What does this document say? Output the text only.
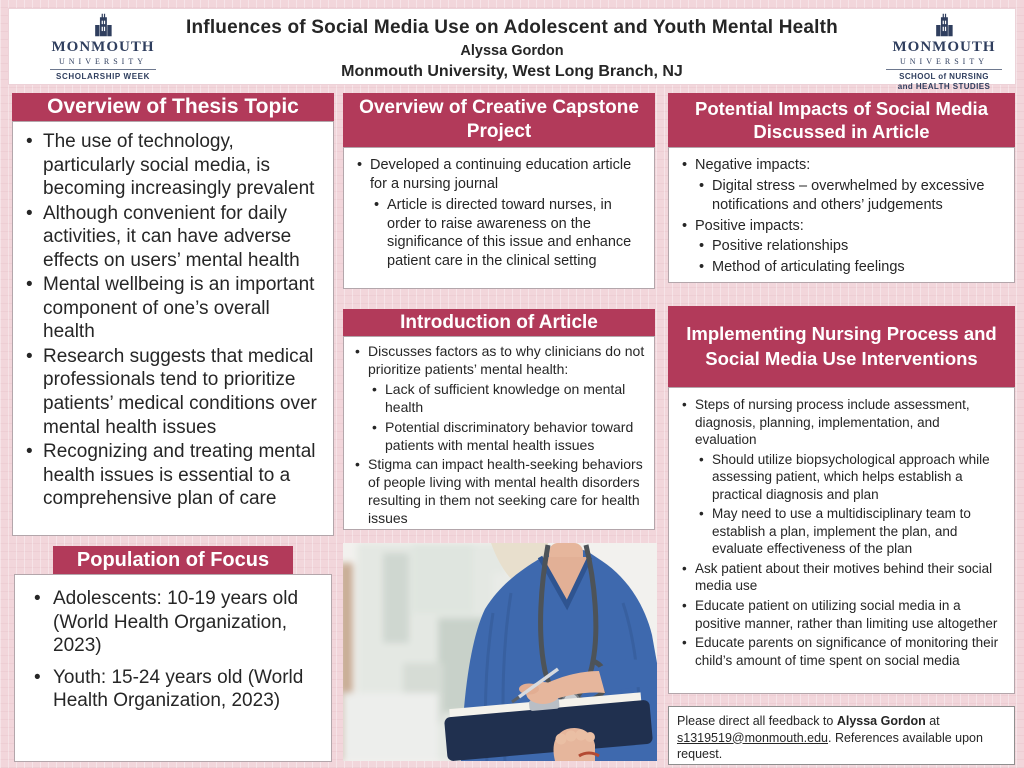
MONMOUTH
UNIVERSITY
SCHOLARSHIP WEEK
Influences of Social Media Use on Adolescent and Youth Mental Health
Alyssa Gordon
Monmouth University, West Long Branch, NJ
MONMOUTH
UNIVERSITY
SCHOOL of NURSING
and HEALTH STUDIES
Overview of Thesis Topic
• The use of technology, particularly social media, is becoming increasingly prevalent
• Although convenient for daily activities, it can have adverse effects on users’ mental health
• Mental wellbeing is an important component of one’s overall health
• Research suggests that medical professionals tend to prioritize patients’ medical conditions over mental health issues
• Recognizing and treating mental health issues is essential to a comprehensive plan of care
Population of Focus
• Adolescents: 10-19 years old (World Health Organization, 2023)
• Youth: 15-24 years old (World Health Organization, 2023)
Overview of Creative Capstone Project
• Developed a continuing education article for a nursing journal
• Article is directed toward nurses, in order to raise awareness on the significance of this issue and enhance patient care in the clinical setting
Introduction of Article
• Discusses factors as to why clinicians do not prioritize patients’ mental health:
• Lack of sufficient knowledge on mental health
• Potential discriminatory behavior toward patients with mental health issues
• Stigma can impact health-seeking behaviors of people living with mental health disorders resulting in them not seeking care for health issues
Potential Impacts of Social Media Discussed in Article
• Negative impacts:
• Digital stress – overwhelmed by excessive notifications and others’ judgements
• Positive impacts:
• Positive relationships
• Method of articulating feelings
Implementing Nursing Process and Social Media Use Interventions
• Steps of nursing process include assessment, diagnosis, planning, implementation, and evaluation
• Should utilize biopsychological approach while assessing patient, which helps establish a practical diagnosis and plan
• May need to use a multidisciplinary team to establish a plan, implement the plan, and evaluate effectiveness of the plan
• Ask patient about their motives behind their social media use
• Educate patient on utilizing social media in a positive manner, rather than limiting use altogether
• Educate parents on significance of monitoring their child’s amount of time spent on social media
Please direct all feedback to Alyssa Gordon at s1319519@monmouth.edu. References available upon request.
